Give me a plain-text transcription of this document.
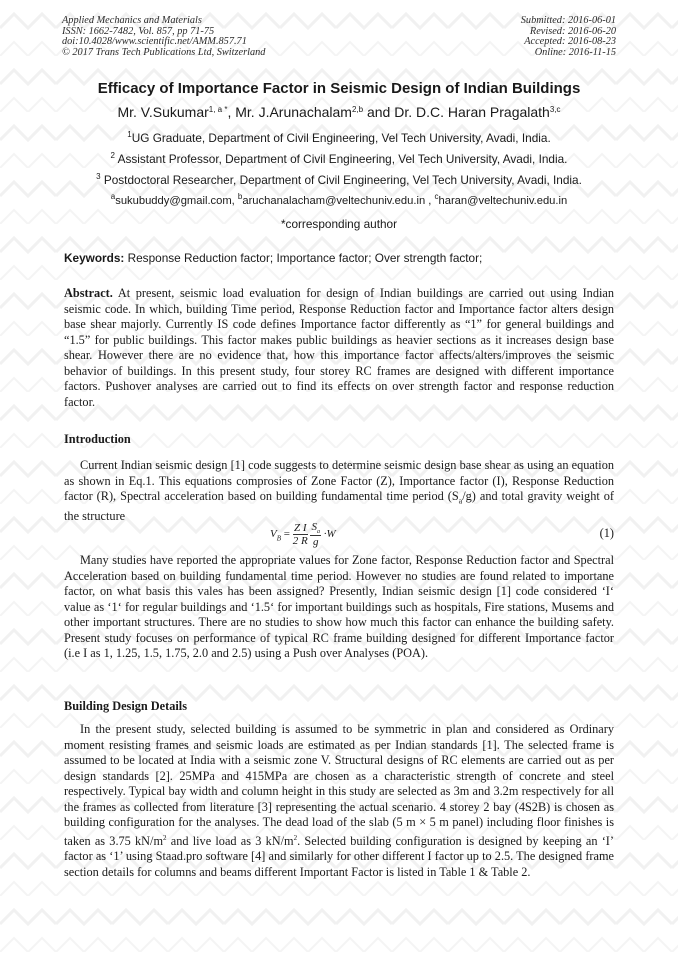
Applied Mechanics and Materials
ISSN: 1662-7482, Vol. 857, pp 71-75
doi:10.4028/www.scientific.net/AMM.857.71
© 2017 Trans Tech Publications Ltd, Switzerland
Submitted: 2016-06-01
Revised: 2016-06-20
Accepted: 2016-08-23
Online: 2016-11-15
Efficacy of Importance Factor in Seismic Design of Indian Buildings
Mr. V.Sukumar$^{1, a *}$, Mr. J.Arunachalam$^{2,b}$ and Dr. D.C. Haran Pragalath$^{3,c}$
$^1$UG Graduate, Department of Civil Engineering, Vel Tech University, Avadi, India.
$^2$ Assistant Professor, Department of Civil Engineering, Vel Tech University, Avadi, India.
$^3$ Postdoctoral Researcher, Department of Civil Engineering, Vel Tech University, Avadi, India.
$^a$sukubuddy@gmail.com, $^b$aruchanalacham@veltechuniv.edu.in , $^c$haran@veltechuniv.edu.in
*corresponding author
Keywords: Response Reduction factor; Importance factor; Over strength factor;

Abstract. At present, seismic load evaluation for design of Indian buildings are carried out using Indian seismic code. In which, building Time period, Response Reduction factor and Importance factor alters design base shear majorly. Currently IS code defines Importance factor differently as “1” for general buildings and “1.5” for public buildings. This factor makes public buildings as heavier sections as it increases design base shear. However there are no evidence that, how this importance factor affects/alters/improves the seismic behavior of buildings. In this present study, four storey RC frames are designed with different importance factors. Pushover analyses are carried out to find its effects on over strength factor and response reduction factor.

Introduction

Current Indian seismic design [1] code suggests to determine seismic design base shear as using an equation as shown in Eq.1. This equations comprosies of Zone Factor (Z), Importance factor (I), Response Reduction factor (R), Spectral acceleration based on building fundamental time period $(S_a/g)$ and total gravity weight of the structure

$V_B = \frac{\text{Z I}}{2 R}$
$\frac{S_a}{g} \cdot W$	(1)

Many studies have reported the appropriate values for Zone factor, Response Reduction factor and Spectral Acceleration based on building fundamental time period. However no studies are found related to importane factor, on what basis this vales has been assigned? Presently, Indian seismic design [1] code considered ‘I‘ value as ‘1‘ for regular buildings and ‘1.5‘ for important buildings such as hospitals, Fire stations, Musems and other important structures. There are no studies to show how much this factor can enhance the building safety. Present study focuses on performance of typical RC frame building designed for different Importance factor (i.e I as 1, 1.25, 1.5, 1.75, 2.0 and 2.5) using a Push over Analyses (POA).

Building Design Details

In the present study, selected building is assumed to be symmetric in plan and considered as Ordinary moment resisting frames and seismic loads are estimated as per Indian standards [1]. The selected frame is assumed to be located at India with a seismic zone V. Structural designs of RC elements are carried out as per design standards [2]. 25MPa and 415MPa are chosen as a characteristic strength of concrete and steel respectively. Typical bay width and column height in this study are selected as 3m and 3.2m respectively for all the frames as collected from literature [3] representing the actual scenario. 4 storey 2 bay (4S2B) is chosen as building configuration for the analyses. The dead load of the slab (5 m × 5 m panel) including floor finishes is taken as 3.75 $kN/m^2$ and live load as 3 $kN/m^2$. Selected building configuration is designed by keeping an ‘I’ factor as ‘1’ using Staad.pro software [4] and similarly for other different I factor up to 2.5. The designed frame section details for columns and beams different Important Factor is listed in Table 1 & Table 2.
